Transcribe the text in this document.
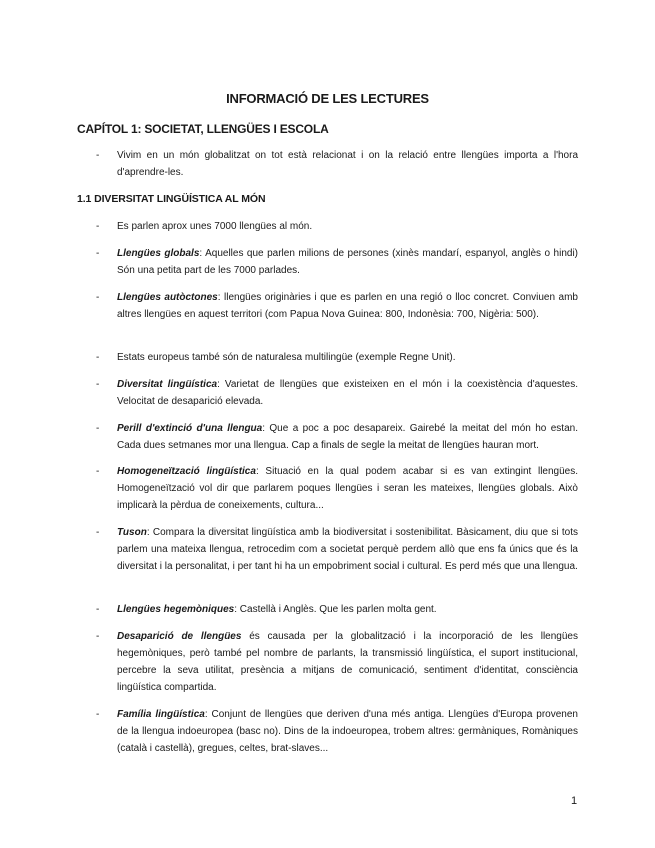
INFORMACIÓ DE LES LECTURES
CAPÍTOL 1: SOCIETAT, LLENGÜES I ESCOLA
- Vivim en un món globalitzat on tot està relacionat i on la relació entre llengües importa a l'hora d'aprendre-les.
1.1 DIVERSITAT LINGÜÍSTICA AL MÓN
- Es parlen aprox unes 7000 llengües al món.
- Llengües globals: Aquelles que parlen milions de persones (xinès mandarí, espanyol, anglès o hindi) Són una petita part de les 7000 parlades.
- Llengües autòctones: llengües originàries i que es parlen en una regió o lloc concret. Conviuen amb altres llengües en aquest territori (com Papua Nova Guinea: 800, Indonèsia: 700, Nigèria: 500).
- Estats europeus també són de naturalesa multilingüe (exemple Regne Unit).
- Diversitat lingüística: Varietat de llengües que existeixen en el món i la coexistència d'aquestes. Velocitat de desaparició elevada.
- Perill d'extinció d'una llengua: Que a poc a poc desapareix. Gairebé la meitat del món ho estan. Cada dues setmanes mor una llengua. Cap a finals de segle la meitat de llengües hauran mort.
- Homogeneïtzació lingüística: Situació en la qual podem acabar si es van extingint llengües. Homogeneïtzació vol dir que parlarem poques llengües i seran les mateixes, llengües globals. Això implicarà la pèrdua de coneixements, cultura...
- Tuson: Compara la diversitat lingüística amb la biodiversitat i sostenibilitat. Bàsicament, diu que si tots parlem una mateixa llengua, retrocedim com a societat perquè perdem allò que ens fa únics que és la diversitat i la personalitat, i per tant hi ha un empobriment social i cultural. Es perd més que una llengua.
- Llengües hegemòniques: Castellà i Anglès. Que les parlen molta gent.
- Desaparició de llengües és causada per la globalització i la incorporació de les llengües hegemòniques, però també pel nombre de parlants, la transmissió lingüística, el suport institucional, percebre la seva utilitat, presència a mitjans de comunicació, sentiment d'identitat, consciència lingüística compartida.
- Família lingüística: Conjunt de llengües que deriven d'una més antiga. Llengües d'Europa provenen de la llengua indoeuropea (basc no). Dins de la indoeuropea, trobem altres: germàniques, Romàniques (català i castellà), gregues, celtes, brat-slaves...
1
